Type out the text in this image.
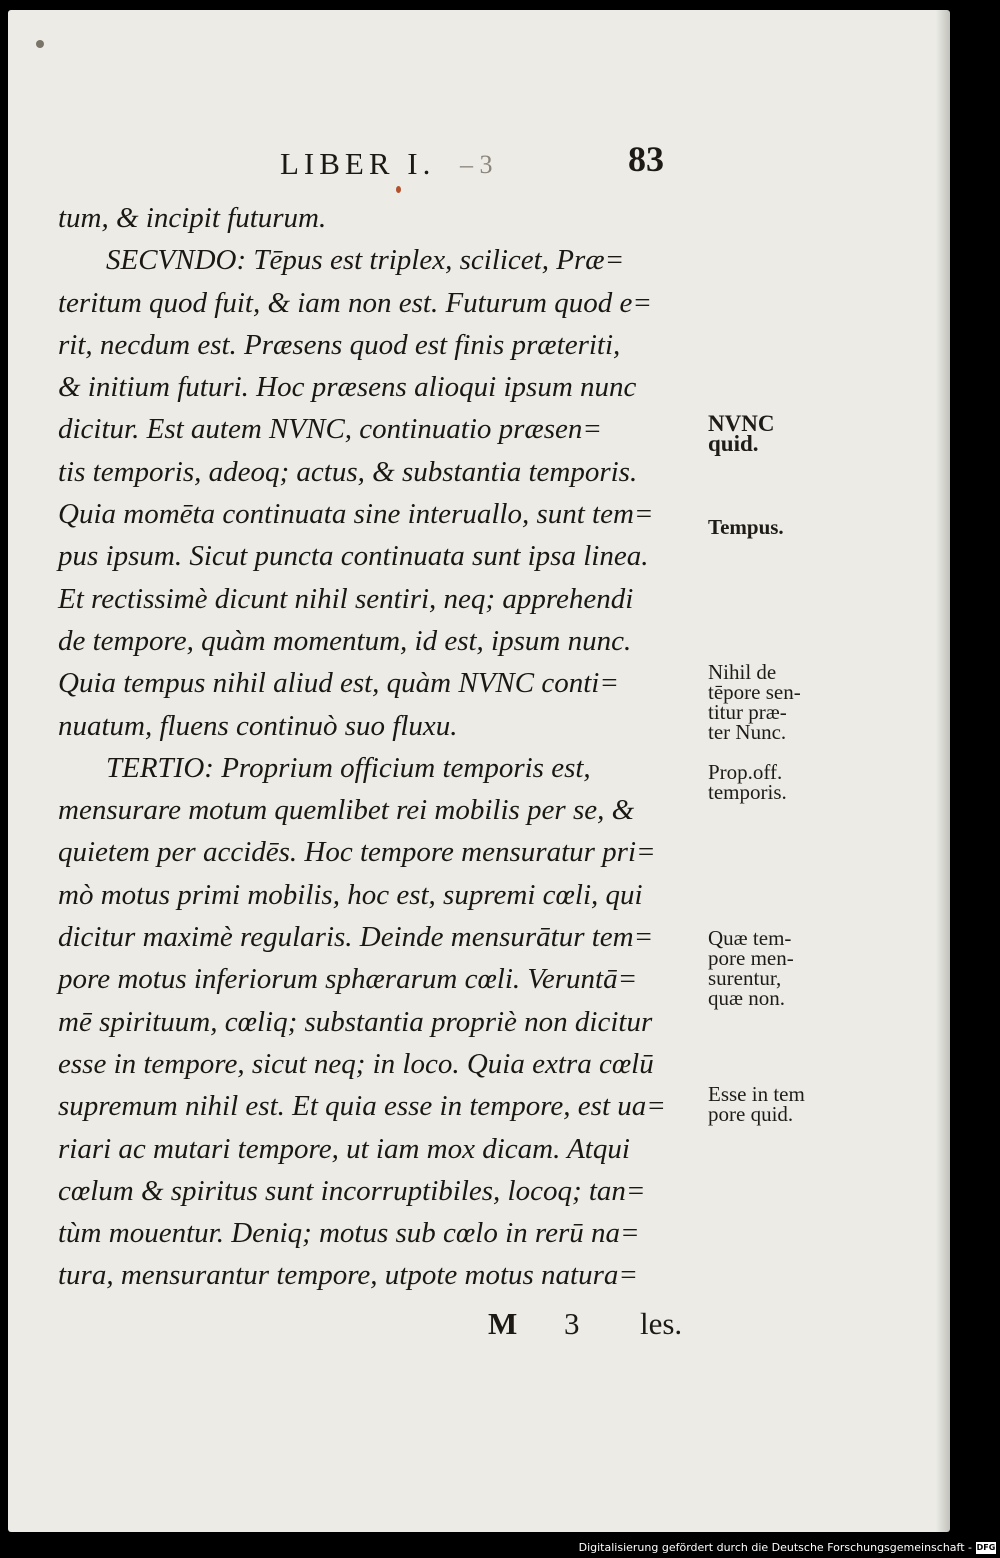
LIBER I. – 3	83
tum, & incipit futurum.
SECVNDO: Tēpus est triplex, scilicet, Præ=
teritum quod fuit, & iam non est. Futurum quod e=
rit, necdum est. Præsens quod est finis præteriti,
& initium futuri. Hoc præsens alioqui ipsum nunc
dicitur. Est autem NVNC, continuatio præsen=
tis temporis, adeoq; actus, & substantia temporis.
Quia momēta continuata sine interuallo, sunt tem=
pus ipsum. Sicut puncta continuata sunt ipsa linea.
Et rectissimè dicunt nihil sentiri, neq; apprehendi
de tempore, quàm momentum, id est, ipsum nunc.
Quia tempus nihil aliud est, quàm NVNC conti=
nuatum, fluens continuò suo fluxu.
TERTIO: Proprium officium temporis est,
mensurare motum quemlibet rei mobilis per se, &
quietem per accidēs. Hoc tempore mensuratur pri=
mò motus primi mobilis, hoc est, supremi cœli, qui
dicitur maximè regularis. Deinde mensurātur tem=
pore motus inferiorum sphærarum cœli. Veruntā=
mē spirituum, cœliq; substantia propriè non dicitur
esse in tempore, sicut neq; in loco. Quia extra cœlū
supremum nihil est. Et quia esse in tempore, est ua=
riari ac mutari tempore, ut iam mox dicam. Atqui
cœlum & spiritus sunt incorruptibiles, locoq; tan=
tùm mouentur. Deniq; motus sub cœlo in rerū na=
tura, mensurantur tempore, utpote motus natura=
NVNC
quid.
Tempus.
Nihil de
tēpore sen-
titur præ-
ter Nunc.
Prop.off.
temporis.
Quæ tem-
pore men-
surentur,
quæ non.
Esse in tem
pore quid.
M 3 les.
Digitalisierung gefördert durch die Deutsche Forschungsgemeinschaft - DFG
